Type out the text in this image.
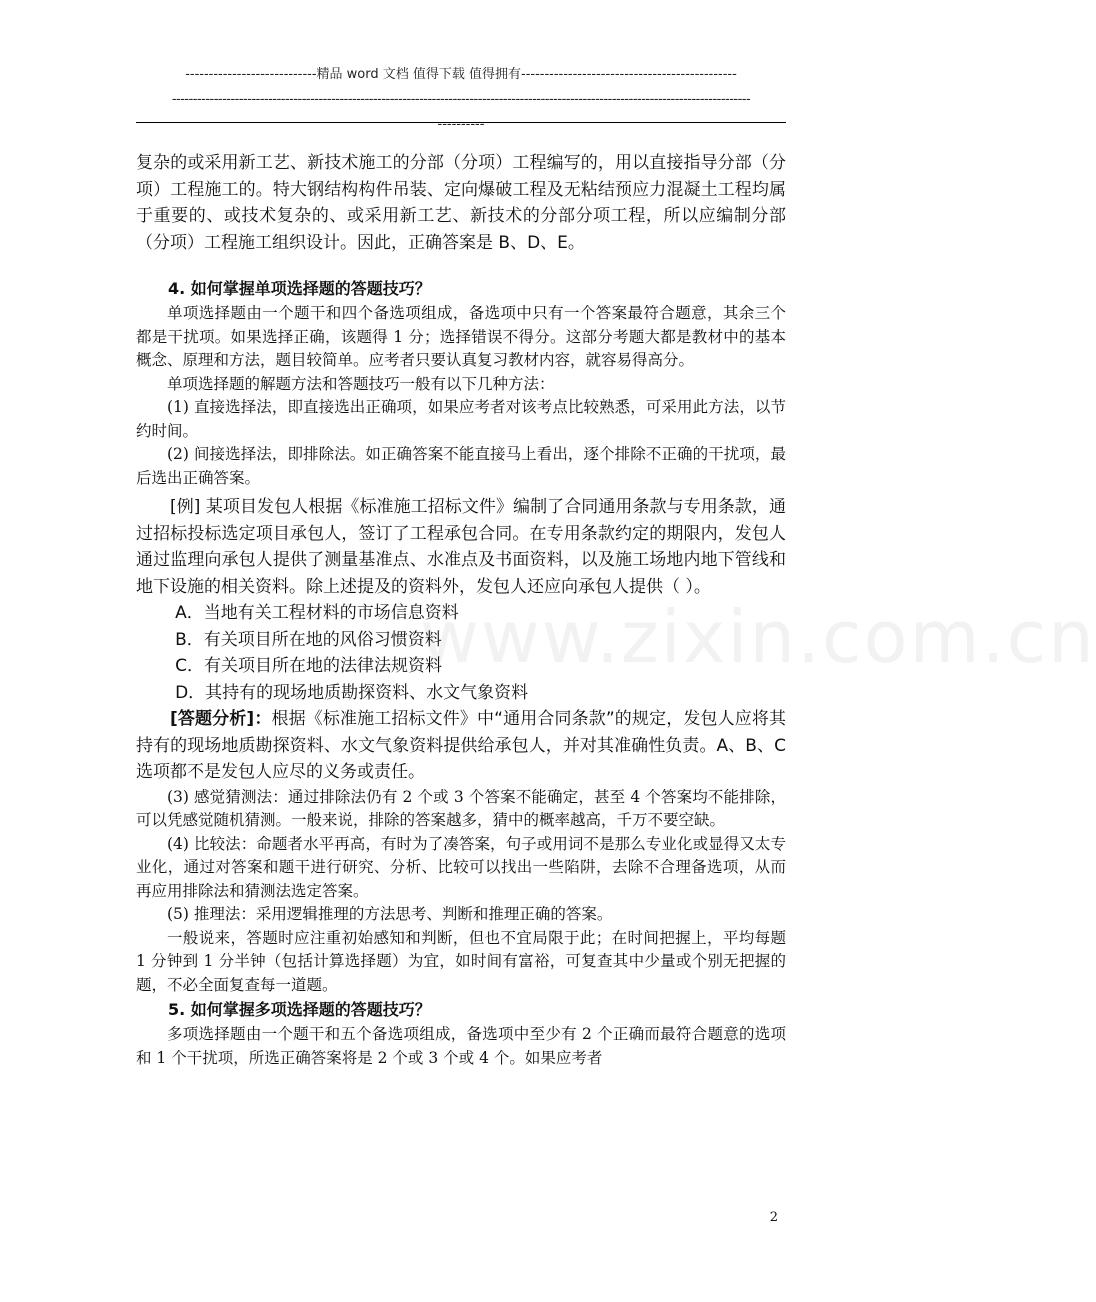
www.zixin.com.cn
----------------------------精品 word 文档 值得下载 值得拥有----------------------------------------------
------------------------------------------------------------------------------------------------------------------------------------------
----------

复杂的或采用新工艺、新技术施工的分部（分项）工程编写的，用以直接指导分部（分项）工程施工的。特大钢结构构件吊装、定向爆破工程及无粘结预应力混凝土工程均属于重要的、或技术复杂的、或采用新工艺、新技术的分部分项工程，所以应编制分部（分项）工程施工组织设计。因此，正确答案是 B、D、E。

4. 如何掌握单项选择题的答题技巧？

单项选择题由一个题干和四个备选项组成，备选项中只有一个答案最符合题意，其余三个都是干扰项。如果选择正确，该题得 1 分；选择错误不得分。这部分考题大都是教材中的基本概念、原理和方法，题目较简单。应考者只要认真复习教材内容，就容易得高分。

单项选择题的解题方法和答题技巧一般有以下几种方法：

(1) 直接选择法，即直接选出正确项，如果应考者对该考点比较熟悉，可采用此方法，以节约时间。

(2) 间接选择法，即排除法。如正确答案不能直接马上看出，逐个排除不正确的干扰项，最后选出正确答案。

[例] 某项目发包人根据《标准施工招标文件》编制了合同通用条款与专用条款，通过招标投标选定项目承包人，签订了工程承包合同。在专用条款约定的期限内，发包人通过监理向承包人提供了测量基准点、水准点及书面资料，以及施工场地内地下管线和地下设施的相关资料。除上述提及的资料外，发包人还应向承包人提供（ ）。

A．当地有关工程材料的市场信息资料

B．有关项目所在地的风俗习惯资料

C．有关项目所在地的法律法规资料

D．其持有的现场地质勘探资料、水文气象资料

[答题分析]：根据《标准施工招标文件》中“通用合同条款”的规定，发包人应将其持有的现场地质勘探资料、水文气象资料提供给承包人，并对其准确性负责。A、B、C 选项都不是发包人应尽的义务或责任。

(3) 感觉猜测法：通过排除法仍有 2 个或 3 个答案不能确定，甚至 4 个答案均不能排除，可以凭感觉随机猜测。一般来说，排除的答案越多，猜中的概率越高，千万不要空缺。

(4) 比较法：命题者水平再高，有时为了凑答案，句子或用词不是那么专业化或显得又太专业化，通过对答案和题干进行研究、分析、比较可以找出一些陷阱，去除不合理备选项，从而再应用排除法和猜测法选定答案。

(5) 推理法：采用逻辑推理的方法思考、判断和推理正确的答案。

一般说来，答题时应注重初始感知和判断，但也不宜局限于此；在时间把握上，平均每题 1 分钟到 1 分半钟（包括计算选择题）为宜，如时间有富裕，可复查其中少量或个别无把握的题，不必全面复查每一道题。

5. 如何掌握多项选择题的答题技巧？

多项选择题由一个题干和五个备选项组成，备选项中至少有 2 个正确而最符合题意的选项和 1 个干扰项，所选正确答案将是 2 个或 3 个或 4 个。如果应考者

2
